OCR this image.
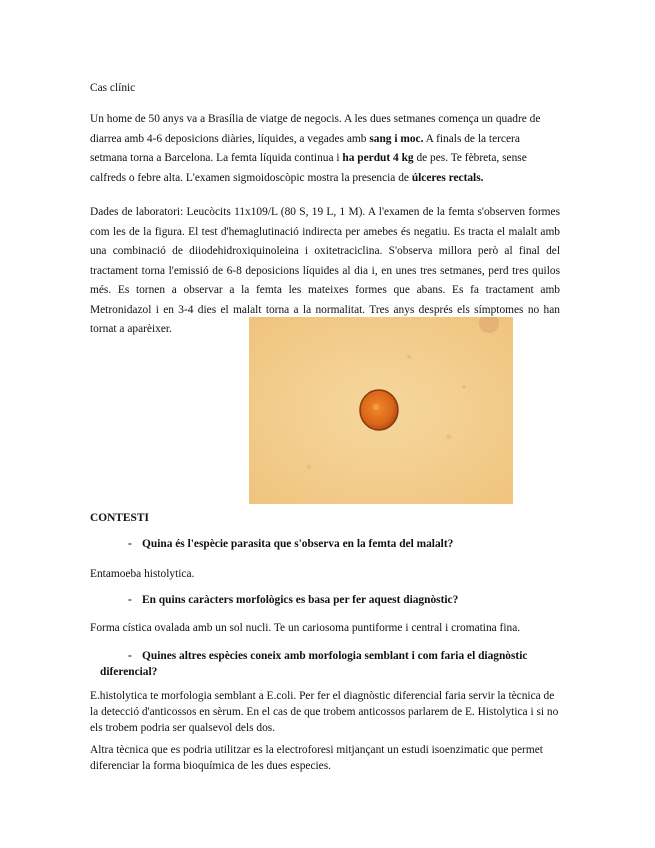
Cas clínic
Un home de 50 anys va a Brasília de viatge de negocis. A les dues setmanes comença un quadre de diarrea amb 4-6 deposicions diàries, líquides, a vegades amb sang i moc. A finals de la tercera setmana torna a Barcelona. La femta líquida continua i ha perdut 4 kg de pes. Te fèbreta, sense calfreds o febre alta. L'examen sigmoidoscòpic mostra la presencia de úlceres rectals.
Dades de laboratori: Leucòcits 11x109/L (80 S, 19 L, 1 M). A l'examen de la femta s'observen formes com les de la figura. El test d'hemaglutinació indirecta per amebes és negatiu. Es tracta el malalt amb una combinació de diiodehidroxiquinoleina i oxitetraciclina. S'observa millora però al final del tractament torna l'emissió de 6-8 deposicions líquides al dia i, en unes tres setmanes, perd tres quilos més. Es tornen a observar a la femta les mateixes formes que abans. Es fa tractament amb Metronidazol i en 3-4 dies el malalt torna a la normalitat. Tres anys després els símptomes no han tornat a aparèixer.
CONTESTI
- Quina és l'espècie parasita que s'observa en la femta del malalt?
Entamoeba histolytica.
- En quins caràcters morfològics es basa per fer aquest diagnòstic?
Forma cística ovalada amb un sol nucli. Te un cariosoma puntiforme i central i cromatina fina.
- Quines altres espècies coneix amb morfologia semblant i com faria el diagnòstic
diferencial?
E.histolytica te morfologia semblant a E.coli. Per fer el diagnòstic diferencial faria servir la tècnica de la detecció d'anticossos en sèrum. En el cas de que trobem anticossos parlarem de E. Histolytica i si no els trobem podria ser qualsevol dels dos.
Altra tècnica que es podria utilitzar es la electroforesi mitjançant un estudi isoenzimatic que permet diferenciar la forma bioquímica de les dues especies.
